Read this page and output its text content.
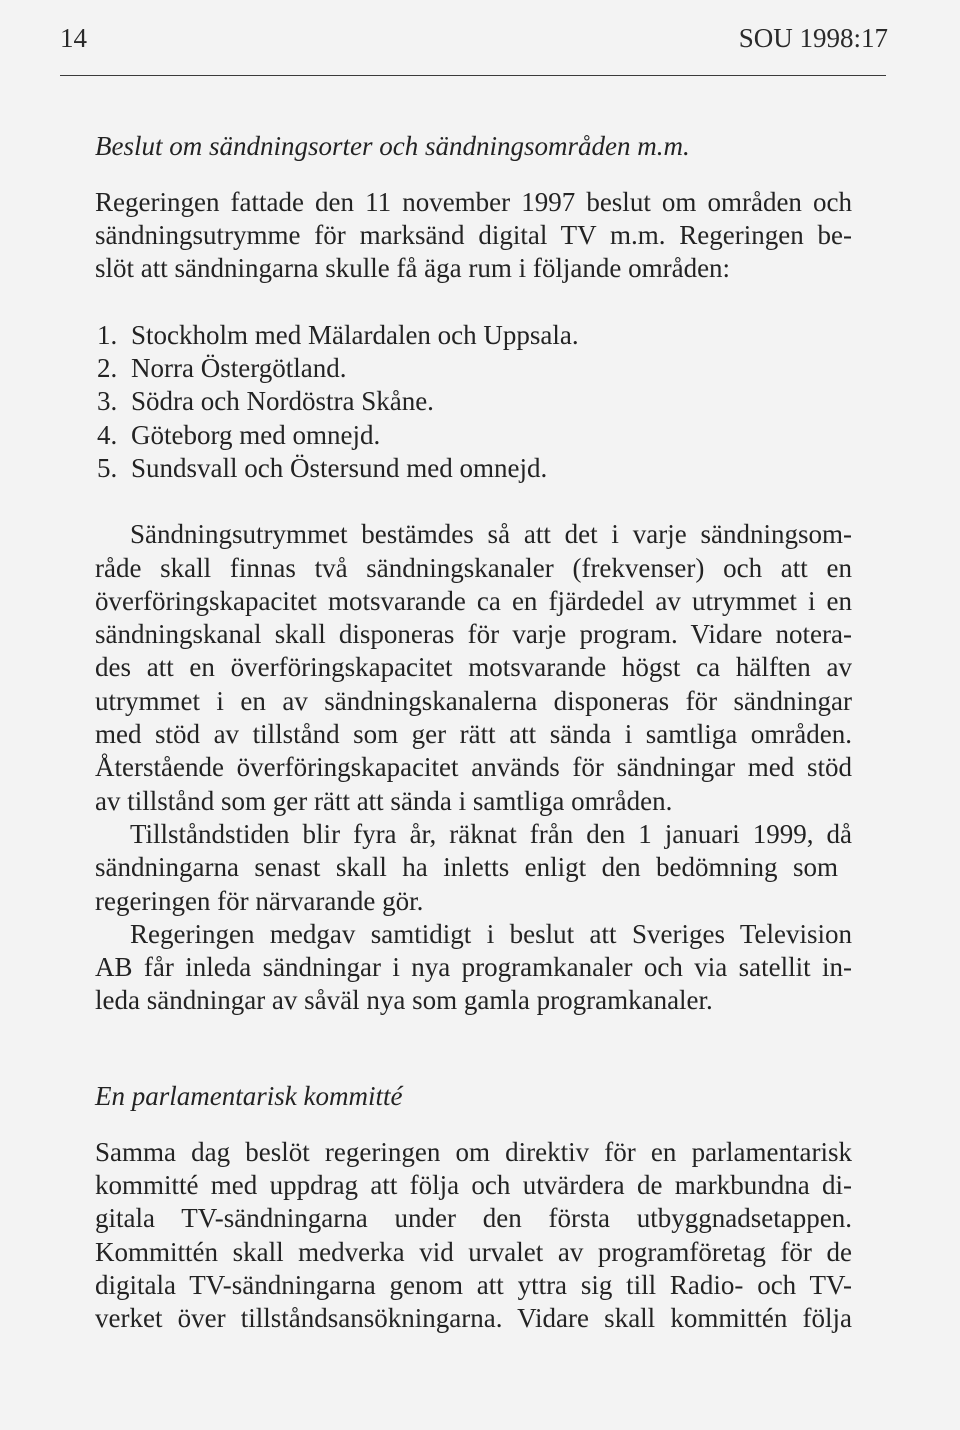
14	SOU 1998:17
Beslut om sändningsorter och sändningsområden m.m.
Regeringen fattade den 11 november 1997 beslut om områden och
sändningsutrymme för marksänd digital TV m.m. Regeringen be-
slöt att sändningarna skulle få äga rum i följande områden:
1. Stockholm med Mälardalen och Uppsala.
2. Norra Östergötland.
3. Södra och Nordöstra Skåne.
4. Göteborg med omnejd.
5. Sundsvall och Östersund med omnejd.
Sändningsutrymmet bestämdes så att det i varje sändningsom-
råde skall finnas två sändningskanaler (frekvenser) och att en
överföringskapacitet motsvarande ca en fjärdedel av utrymmet i en
sändningskanal skall disponeras för varje program. Vidare notera-
des att en överföringskapacitet motsvarande högst ca hälften av
utrymmet i en av sändningskanalerna disponeras för sändningar
med stöd av tillstånd som ger rätt att sända i samtliga områden.
Återstående överföringskapacitet används för sändningar med stöd
av tillstånd som ger rätt att sända i samtliga områden.
Tillståndstiden blir fyra år, räknat från den 1 januari 1999, då
sändningarna senast skall ha inletts enligt den bedömning som
regeringen för närvarande gör.
Regeringen medgav samtidigt i beslut att Sveriges Television
AB får inleda sändningar i nya programkanaler och via satellit in-
leda sändningar av såväl nya som gamla programkanaler.
En parlamentarisk kommitté
Samma dag beslöt regeringen om direktiv för en parlamentarisk
kommitté med uppdrag att följa och utvärdera de markbundna di-
gitala TV-sändningarna under den första utbyggnadsetappen.
Kommittén skall medverka vid urvalet av programföretag för de
digitala TV-sändningarna genom att yttra sig till Radio- och TV-
verket över tillståndsansökningarna. Vidare skall kommittén följa
